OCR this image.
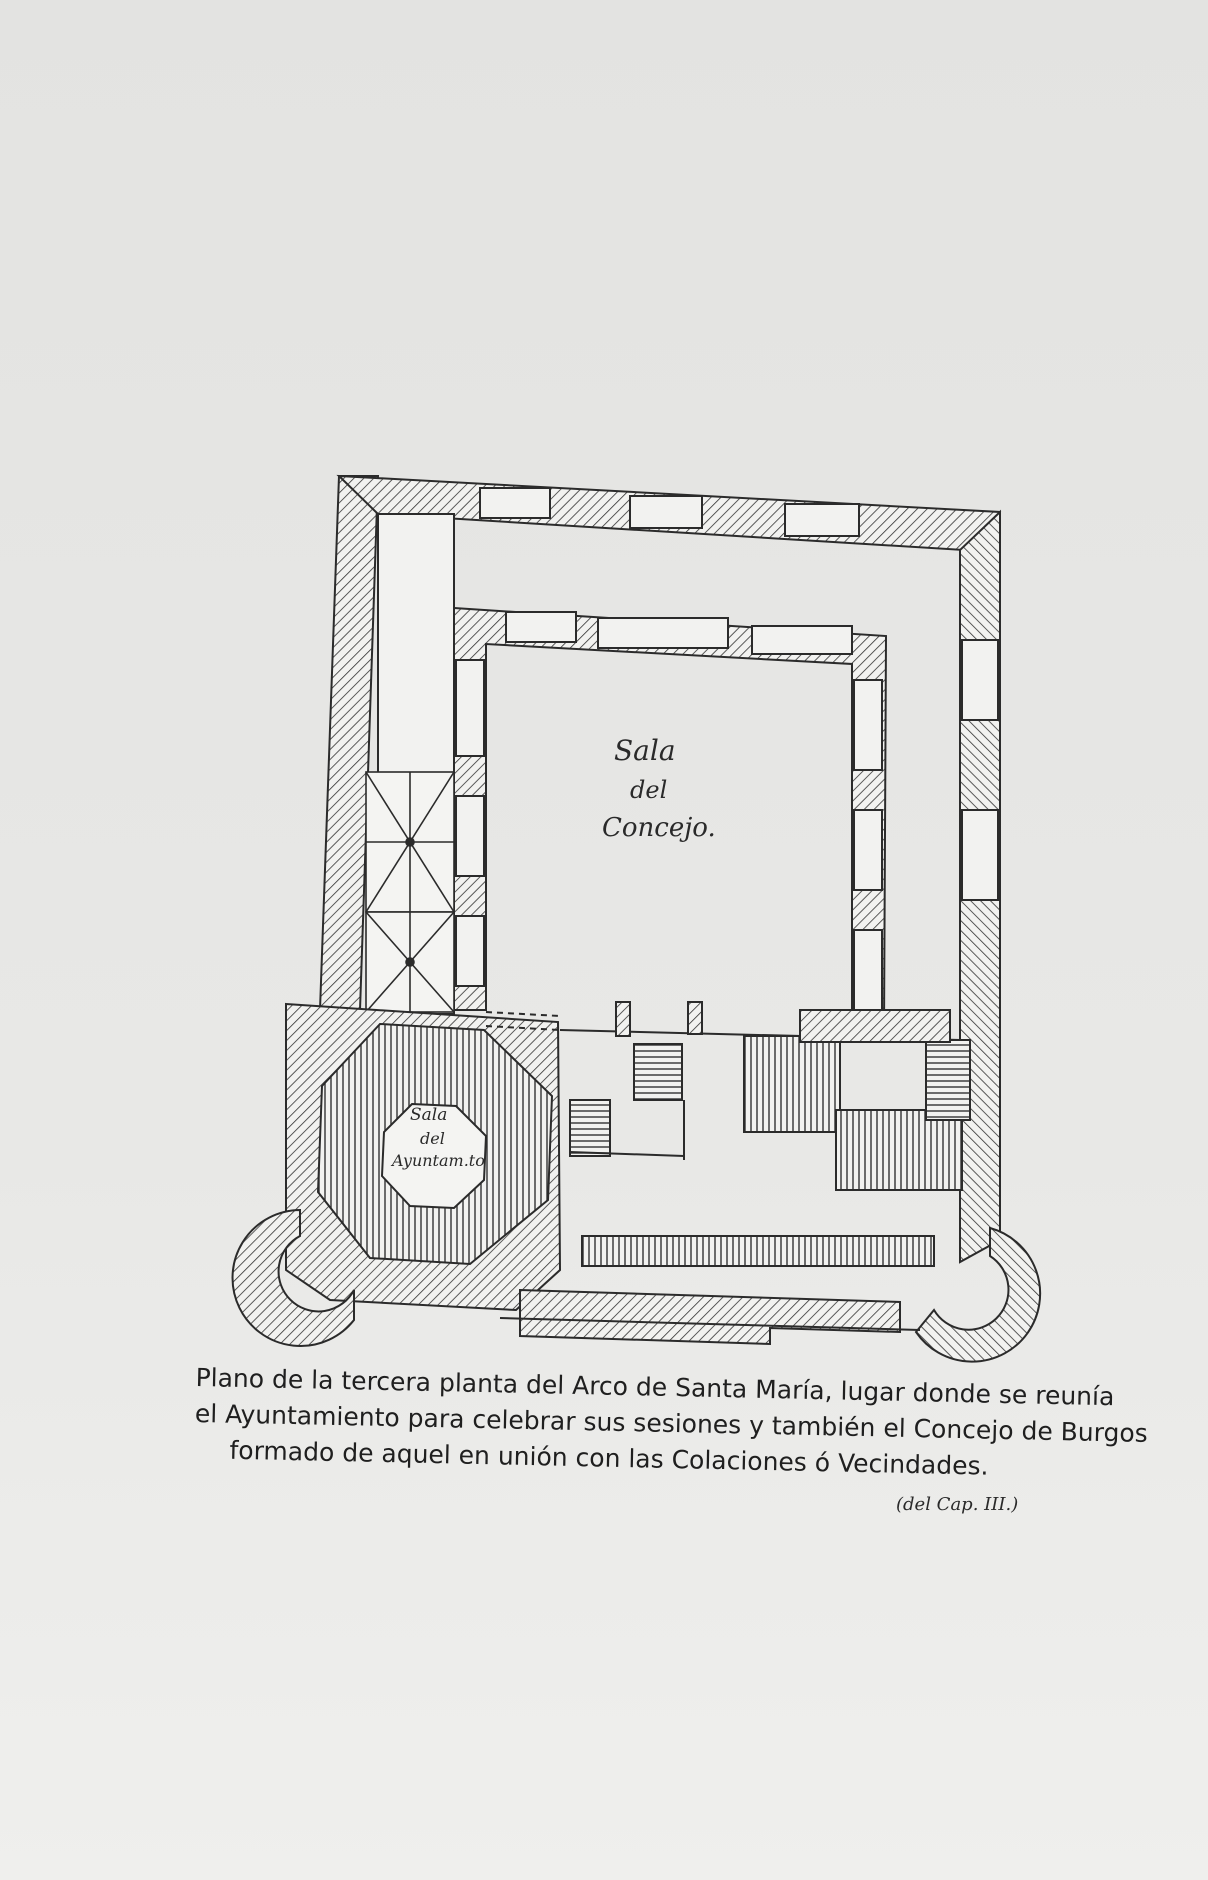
Sala
del
Concejo.
Sala
del
Ayuntam.to
Plano de la tercera planta del Arco de Santa María, lugar donde se reunía
el Ayuntamiento para celebrar sus sesiones y también el Concejo de Burgos
formado de aquel en unión con las Colaciones ó Vecindades.
(del Cap. III.)
